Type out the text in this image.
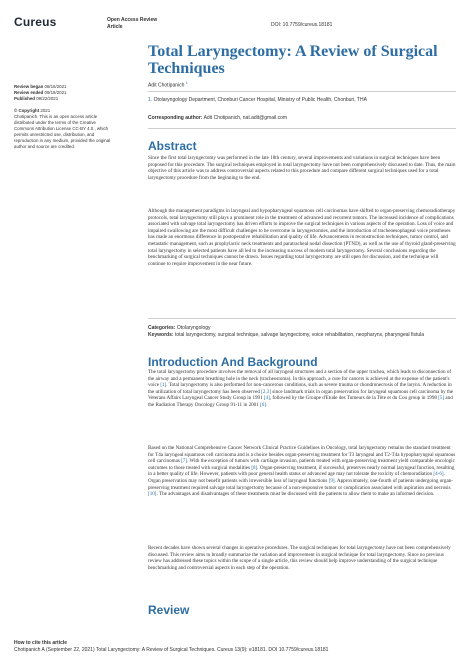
Cureus	Open Access Review
Article	DOI: 10.7759/cureus.18181
Total Laryngectomy: A Review of Surgical Techniques
Adit Chotipanich $^1$
1. Otolaryngology Department, Chonburi Cancer Hospital, Ministry of Public Health, Chonburi, THA
Corresponding author: Adit Chotipanich, nat.adit@gmail.com
Review began 08/16/2021
Review ended 09/19/2021
Published 09/22/2021
© Copyright 2021
Chotipanich. This is an open access article distributed under the terms of the Creative Commons Attribution License CC-BY 4.0., which permits unrestricted use, distribution, and reproduction in any medium, provided the original author and source are credited.	Abstract

Since the first total laryngectomy was performed in the late 18th century, several improvements and variations in surgical techniques have been proposed for this procedure. The surgical techniques employed in total laryngectomy have not been comprehensively discussed to date. Thus, the main objective of this article was to address controversial aspects related to this procedure and compare different surgical techniques used for a total laryngectomy procedure from the beginning to the end.

Although the management paradigms in laryngeal and hypopharyngeal squamous cell carcinomas have shifted to organ-preserving chemoradiotherapy protocols, total laryngectomy still plays a prominent role in the treatment of advanced and recurrent tumors. The increased incidence of complications associated with salvage total laryngectomy has driven efforts to improve the surgical techniques in various aspects of the operation. Loss of voice and impaired swallowing are the most difficult challenges to be overcome in laryngectomies, and the introduction of tracheoesophageal voice prostheses has made an enormous difference in postoperative rehabilitation and quality of life. Advancements in reconstruction techniques, tumor control, and metastatic management, such as prophylactic neck treatments and paratracheal nodal dissection (PTND), as well as the use of thyroid gland-preserving total laryngectomy in selected patients have all led to the increasing success of modern total laryngectomy. Several conclusions regarding the benchmarking of surgical techniques cannot be drawn. Issues regarding total laryngectomy are still open for discussion, and the technique will continue to require improvement in the near future.

Categories: Otolaryngology
Keywords: total laryngectomy, surgical technique, salvage laryngectomy, voice rehabilitation, neopharynx, pharyngeal fistula
Introduction And Background

The total laryngectomy procedure involves the removal of all laryngeal structures and a section of the upper trachea, which leads to disconnection of the airway and a permanent breathing hole in the neck (tracheostoma). In this approach, a cure for cancers is achieved at the expense of the patient's voice [1]. Total laryngectomy is also performed for non-cancerous conditions, such as severe trauma or chondronecrosis of the larynx. A reduction in the utilization of total laryngectomy has been observed [2,3] since landmark trials in organ preservation for laryngeal squamous cell carcinoma by the Veterans Affairs Laryngeal Cancer Study Group in 1991 [4], followed by the Groupe d'Etude des Tumeurs de la Tête et du Cou group in 1998 [5] and the Radiation Therapy Oncology Group 91-11 in 2001 [6].

Based on the National Comprehensive Cancer Network Clinical Practice Guidelines in Oncology, total laryngectomy remains the standard treatment for T4a laryngeal squamous cell carcinoma and is a choice besides organ-preserving treatment for T3 laryngeal and T2-T4a hypopharyngeal squamous cell carcinomas [7]. With the exception of tumors with cartilage invasion, patients treated with organ-preserving treatment yield comparable oncologic outcomes to those treated with surgical modalities [8]. Organ-preserving treatment, if successful, preserves nearly normal laryngeal function, resulting in a better quality of life. However, patients with poor general health status or advanced age may not tolerate the toxicity of chemoradiation [4-6]. Organ preservation may not benefit patients with irreversible loss of laryngeal functions [9]. Approximately, one-fourth of patients undergoing organ-preserving treatment required salvage total laryngectomy because of a non-responsive tumor or complication associated with aspiration and necrosis [10]. The advantages and disadvantages of these treatments must be discussed with the patients to allow them to make an informed decision.

Recent decades have shown several changes in operative procedures. The surgical techniques for total laryngectomy have not been comprehensively discussed. This review aims to broadly summarize the variation and improvement in surgical technique for total laryngectomy. Since no previous review has addressed these topics within the scope of a single article, this review should help improve understanding of the surgical technique benchmarking and controversial aspects in each step of the operation.

Review
How to cite this article
Chotipanich A (September 22, 2021) Total Laryngectomy: A Review of Surgical Techniques. Cureus 13(9): e18181. DOI 10.7759/cureus.18181
